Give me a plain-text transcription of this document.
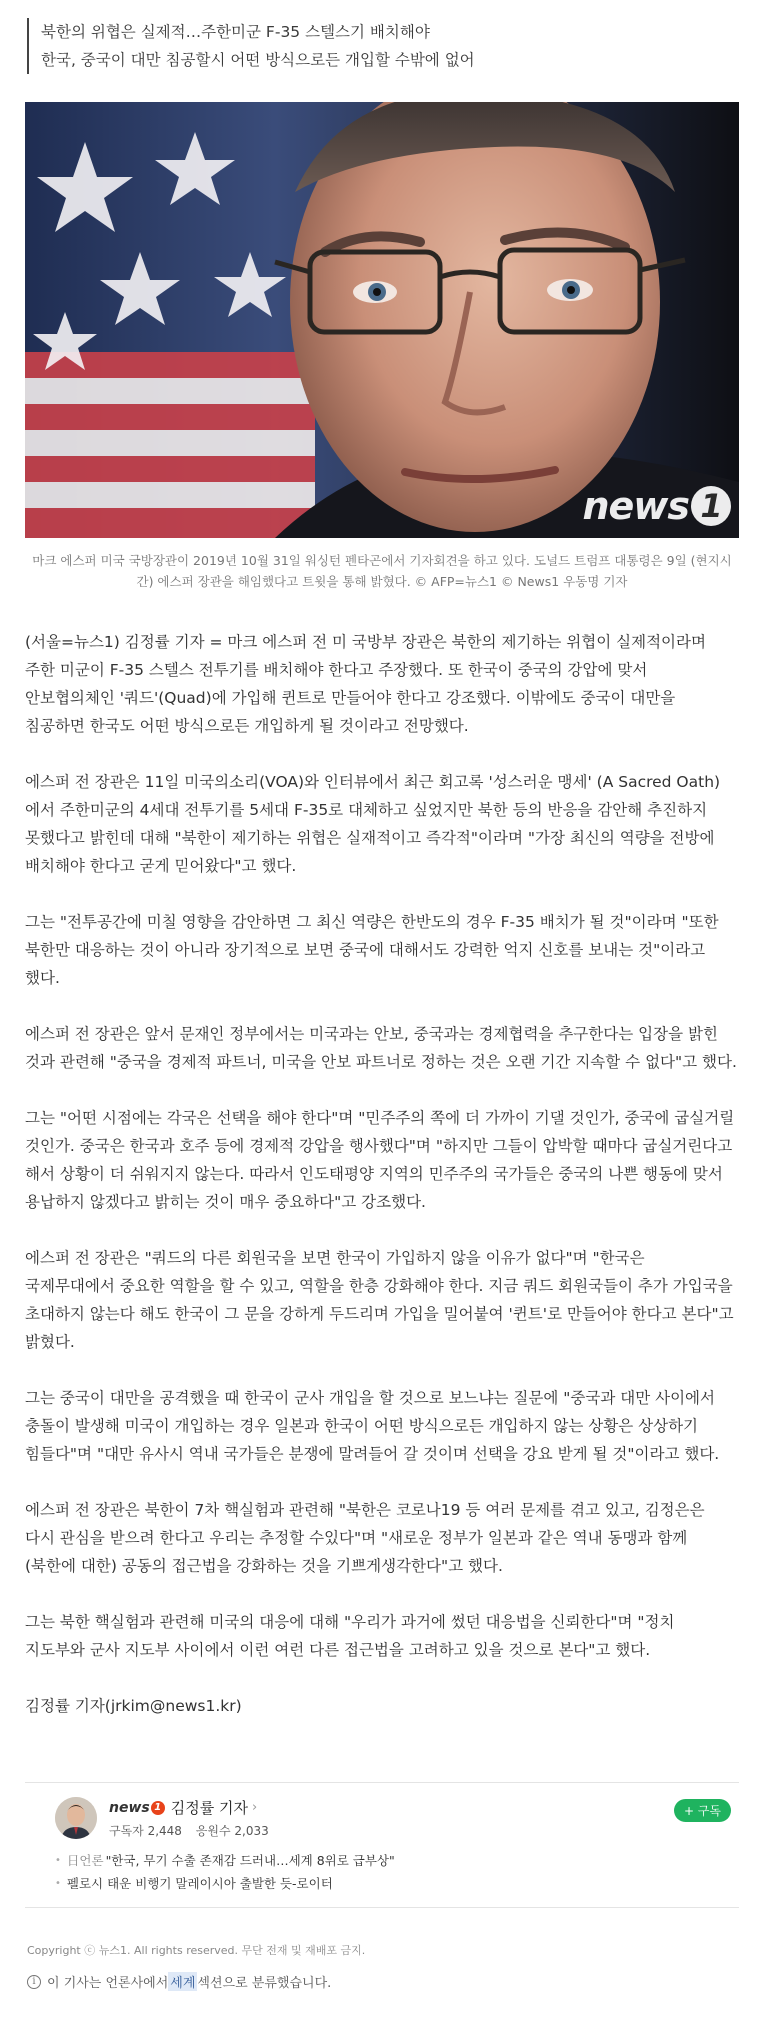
북한의 위협은 실제적…주한미군 F-35 스텔스기 배치해야

한국, 중국이 대만 침공할시 어떤 방식으로든 개입할 수밖에 없어

news 1

마크 에스퍼 미국 국방장관이 2019년 10월 31일 워싱턴 펜타곤에서 기자회견을 하고 있다. 도널드 트럼프 대통령은 9일 (현지시간) 에스퍼 장관을 해임했다고 트윗을 통해 밝혔다. © AFP=뉴스1 © News1 우동명 기자

(서울=뉴스1) 김정률 기자 = 마크 에스퍼 전 미 국방부 장관은 북한의 제기하는 위협이 실제적이라며 주한 미군이 F-35 스텔스 전투기를 배치해야 한다고 주장했다. 또 한국이 중국의 강압에 맞서 안보협의체인 '쿼드'(Quad)에 가입해 퀸트로 만들어야 한다고 강조했다. 이밖에도 중국이 대만을 침공하면 한국도 어떤 방식으로든 개입하게 될 것이라고 전망했다.

에스퍼 전 장관은 11일 미국의소리(VOA)와 인터뷰에서 최근 회고록 '성스러운 맹세' (A Sacred Oath)에서 주한미군의 4세대 전투기를 5세대 F-35로 대체하고 싶었지만 북한 등의 반응을 감안해 추진하지 못했다고 밝힌데 대해 "북한이 제기하는 위협은 실재적이고 즉각적"이라며 "가장 최신의 역량을 전방에 배치해야 한다고 굳게 믿어왔다"고 했다.

그는 "전투공간에 미칠 영향을 감안하면 그 최신 역량은 한반도의 경우 F-35 배치가 될 것"이라며 "또한 북한만 대응하는 것이 아니라 장기적으로 보면 중국에 대해서도 강력한 억지 신호를 보내는 것"이라고 했다.

에스퍼 전 장관은 앞서 문재인 정부에서는 미국과는 안보, 중국과는 경제협력을 추구한다는 입장을 밝힌 것과 관련해 "중국을 경제적 파트너, 미국을 안보 파트너로 정하는 것은 오랜 기간 지속할 수 없다"고 했다.

그는 "어떤 시점에는 각국은 선택을 해야 한다"며 "민주주의 쪽에 더 가까이 기댈 것인가, 중국에 굽실거릴 것인가. 중국은 한국과 호주 등에 경제적 강압을 행사했다"며 "하지만 그들이 압박할 때마다 굽실거린다고 해서 상황이 더 쉬워지지 않는다. 따라서 인도태평양 지역의 민주주의 국가들은 중국의 나쁜 행동에 맞서 용납하지 않겠다고 밝히는 것이 매우 중요하다"고 강조했다.

에스퍼 전 장관은 "쿼드의 다른 회원국을 보면 한국이 가입하지 않을 이유가 없다"며 "한국은 국제무대에서 중요한 역할을 할 수 있고, 역할을 한층 강화해야 한다. 지금 쿼드 회원국들이 추가 가입국을 초대하지 않는다 해도 한국이 그 문을 강하게 두드리며 가입을 밀어붙여 '퀸트'로 만들어야 한다고 본다"고 밝혔다.

그는 중국이 대만을 공격했을 때 한국이 군사 개입을 할 것으로 보느냐는 질문에 "중국과 대만 사이에서 충돌이 발생해 미국이 개입하는 경우 일본과 한국이 어떤 방식으로든 개입하지 않는 상황은 상상하기 힘들다"며 "대만 유사시 역내 국가들은 분쟁에 말려들어 갈 것이며 선택을 강요 받게 될 것"이라고 했다.

에스퍼 전 장관은 북한이 7차 핵실험과 관련해 "북한은 코로나19 등 여러 문제를 겪고 있고, 김정은은 다시 관심을 받으려 한다고 우리는 추정할 수있다"며 "새로운 정부가 일본과 같은 역내 동맹과 함께 (북한에 대한) 공동의 접근법을 강화하는 것을 기쁘게생각한다"고 했다.

그는 북한 핵실험과 관련해 미국의 대응에 대해 "우리가 과거에 썼던 대응법을 신뢰한다"며 "정치 지도부와 군사 지도부 사이에서 이런 여런 다른 접근법을 고려하고 있을 것으로 본다"고 했다.

김정률 기자(jrkim@news1.kr)

news 1 김정률 기자 ›
구독자 2,448 응원수 2,033
+ 구독
• 日언론 "한국, 무기 수출 존재감 드러내…세계 8위로 급부상"
• 펠로시 태운 비행기 말레이시아 출발한 듯-로이터

Copyright ⓒ 뉴스1. All rights reserved. 무단 전재 및 재배포 금지.

i 이 기사는 언론사에서 세계 섹션으로 분류했습니다.
